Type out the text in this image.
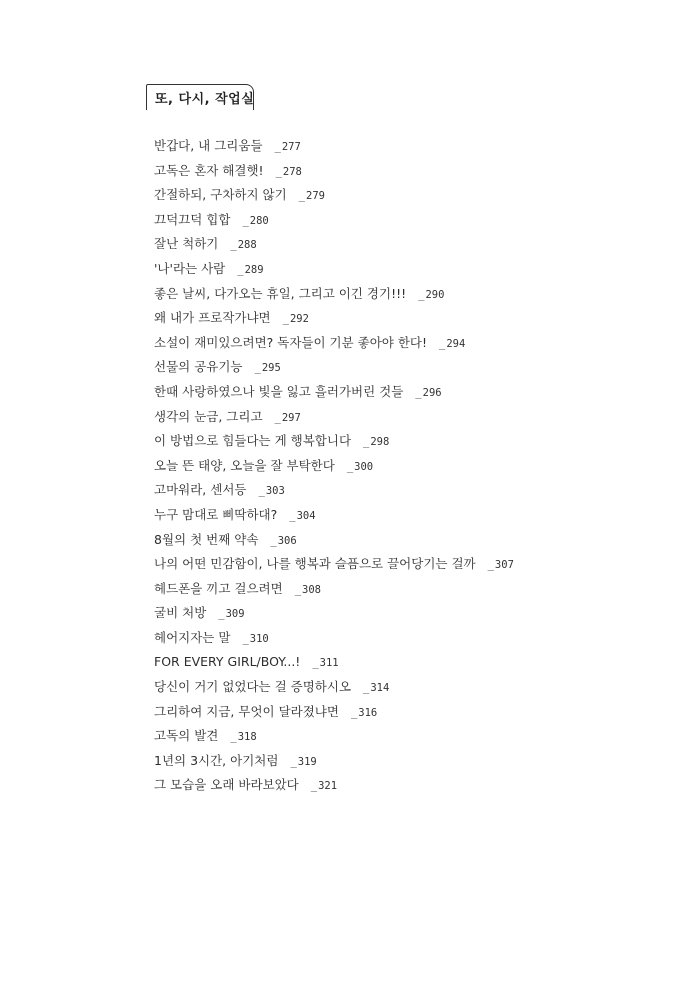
또, 다시, 작업실
반갑다, 내 그리움들 _ 277
고독은 혼자 해결햇! _ 278
간절하되, 구차하지 않기 _ 279
끄덕끄덕 힙합 _ 280
잘난 척하기 _ 288
'나'라는 사람 _ 289
좋은 날씨, 다가오는 휴일, 그리고 이긴 경기!!! _ 290
왜 내가 프로작가냐면 _ 292
소설이 재미있으려면? 독자들이 기분 좋아야 한다! _ 294
선물의 공유기능 _ 295
한때 사랑하였으나 빛을 잃고 흘러가버린 것들 _ 296
생각의 눈금, 그리고 _ 297
이 방법으로 힘들다는 게 행복합니다 _ 298
오늘 뜬 태양, 오늘을 잘 부탁한다 _ 300
고마워라, 센서등 _ 303
누구 맘대로 삐딱하대? _ 304
8월의 첫 번째 약속 _ 306
나의 어떤 민감함이, 나를 행복과 슬픔으로 끌어당기는 걸까 _ 307
헤드폰을 끼고 걸으려면 _ 308
굴비 처방 _ 309
헤어지자는 말 _ 310
FOR EVERY GIRL/BOY...! _ 311
당신이 거기 없었다는 걸 증명하시오 _ 314
그리하여 지금, 무엇이 달라졌냐면 _ 316
고독의 발견 _ 318
1년의 3시간, 아기처럼 _ 319
그 모습을 오래 바라보았다 _ 321
